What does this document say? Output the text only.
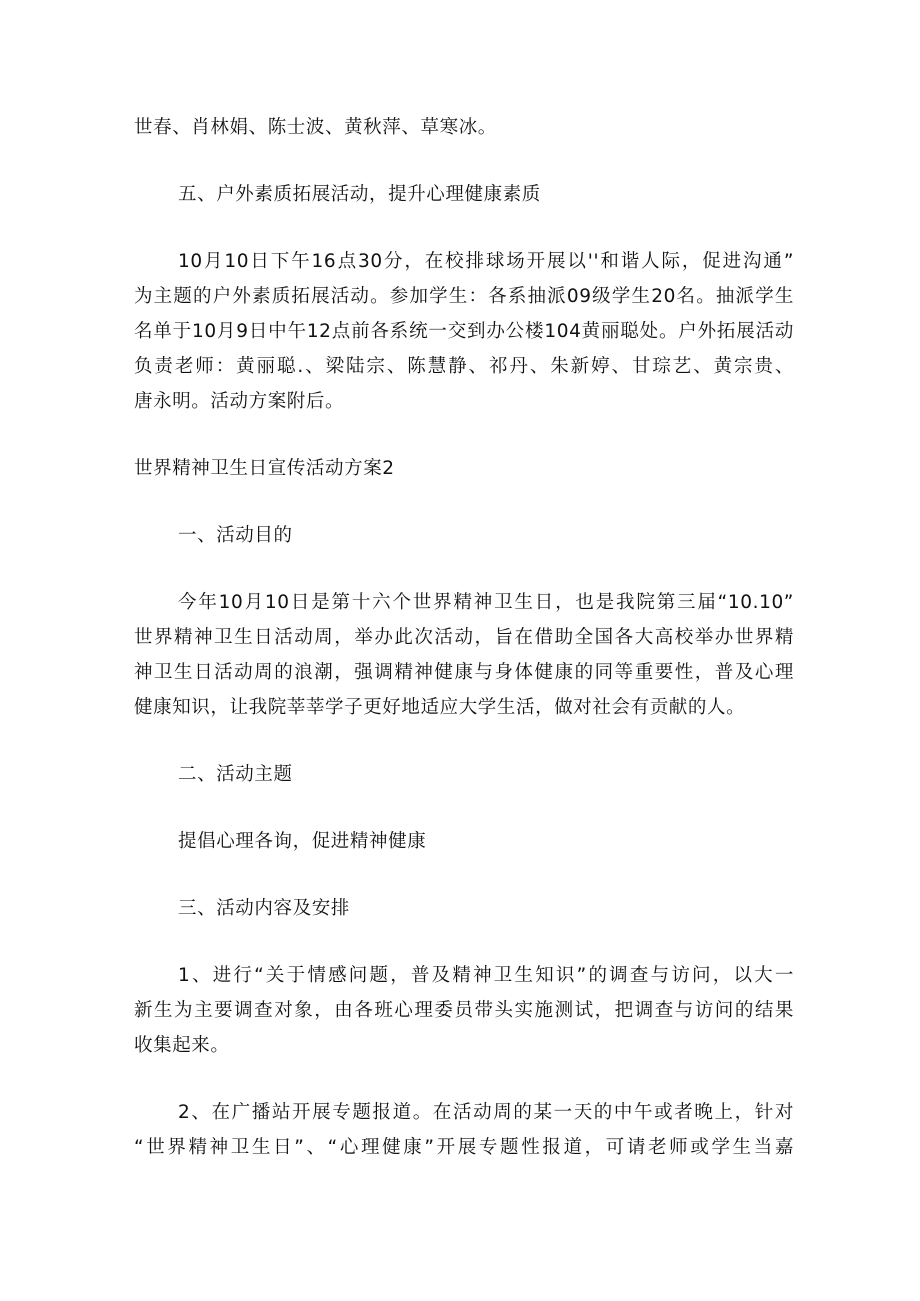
世春、肖林娟、陈士波、黄秋萍、草寒冰。
五、户外素质拓展活动，提升心理健康素质
10月10日下午16点30分，在校排球场开展以''和谐人际，促进沟通”
为主题的户外素质拓展活动。参加学生：各系抽派09级学生20名。抽派学生
名单于10月9日中午12点前各系统一交到办公楼104黄丽聪处。户外拓展活动
负责老师：黄丽聪.、梁陆宗、陈慧静、祁丹、朱新婷、甘琮艺、黄宗贵、
唐永明。活动方案附后。
世界精神卫生日宣传活动方案2
一、活动目的
今年10月10日是第十六个世界精神卫生日，也是我院第三届“10.10”
世界精神卫生日活动周，举办此次活动，旨在借助全国各大高校举办世界精
神卫生日活动周的浪潮，强调精神健康与身体健康的同等重要性，普及心理
健康知识，让我院莘莘学子更好地适应大学生活，做对社会有贡献的人。
二、活动主题
提倡心理各询，促进精神健康
三、活动内容及安排
1、进行“关于情感问题，普及精神卫生知识”的调查与访问，以大一
新生为主要调查对象，由各班心理委员带头实施测试，把调查与访问的结果
收集起来。
2、在广播站开展专题报道。在活动周的某一天的中午或者晚上，针对
“世界精神卫生日”、“心理健康”开展专题性报道，可请老师或学生当嘉
